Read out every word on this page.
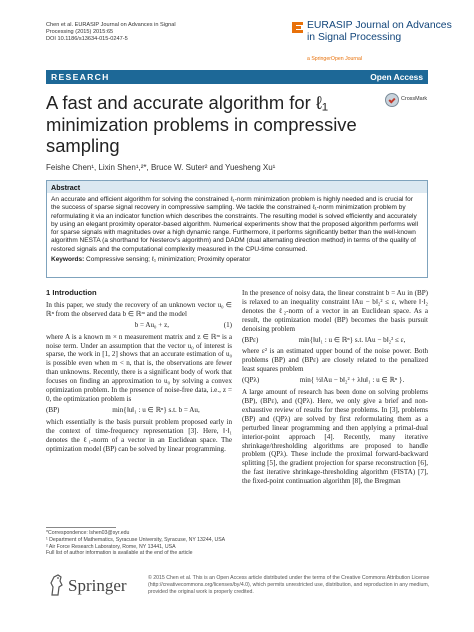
Chen et al. EURASIP Journal on Advances in Signal
Processing (2015) 2015:65
DOI 10.1186/s13634-015-0247-5
EURASIP Journal on Advances in Signal Processing
a SpringerOpen Journal
RESEARCH	Open Access
CrossMark
A fast and accurate algorithm for ℓ₁ minimization problems in compressive sampling
Feishe Chen¹, Lixin Shen¹,²*, Bruce W. Suter² and Yuesheng Xu¹
Abstract
An accurate and efficient algorithm for solving the constrained ℓ₁-norm minimization problem is highly needed and is crucial for the success of sparse signal recovery in compressive sampling. We tackle the constrained ℓ₁-norm minimization problem by reformulating it via an indicator function which describes the constraints. The resulting model is solved efficiently and accurately by using an elegant proximity operator-based algorithm. Numerical experiments show that the proposed algorithm performs well for sparse signals with magnitudes over a high dynamic range. Furthermore, it performs significantly better than the well-known algorithm NESTA (a shorthand for Nesterov's algorithm) and DADM (dual alternating direction method) in terms of the quality of restored signals and the computational complexity measured in the CPU-time consumed.
Keywords: Compressive sensing; ℓ₁ minimization; Proximity operator
1 Introduction

In this paper, we study the recovery of an unknown vector u₀ ∈ ℝⁿ from the observed data b ∈ ℝᵐ and the model

b = Au₀ + z,	(1)

where A is a known m × n measurement matrix and z ∈ ℝᵐ is a noise term. Under an assumption that the vector u₀ of interest is sparse, the work in [1, 2] shows that an accurate estimation of u₀ is possible even when m < n, that is, the observations are fewer than unknowns. Recently, there is a significant body of work that focuses on finding an approximation to u₀ by solving a convex optimization problem. In the presence of noise-free data, i.e., z = 0, the optimization problem is

(BP)	min{‖u‖₁ : u ∈ ℝⁿ} s.t. b = Au,

which essentially is the basis pursuit problem proposed early in the context of time-frequency representation [3]. Here, ‖·‖₁ denotes the ℓ₁-norm of a vector in an Euclidean space. The optimization model (BP) can be solved by linear programming.

*Correspondence: lshen03@syr.edu
¹ Department of Mathematics, Syracuse University, Syracuse, NY 13244, USA
² Air Force Research Laboratory, Rome, NY 13441, USA
Full list of author information is available at the end of the article

In the presence of noisy data, the linear constraint b = Au in (BP) is relaxed to an inequality constraint ‖Au − b‖₂² ≤ ε, where ‖·‖₂ denotes the ℓ₂-norm of a vector in an Euclidean space. As a result, the optimization model (BP) becomes the basis pursuit denoising problem

(BPε)	min{‖u‖₁ : u ∈ ℝⁿ} s.t. ‖Au − b‖₂² ≤ ε,

where ε² is an estimated upper bound of the noise power. Both problems (BP) and (BPε) are closely related to the penalized least squares problem

(QPλ)	min{ ½‖Au − b‖₂² + λ‖u‖₁ : u ∈ ℝⁿ }.

A large amount of research has been done on solving problems (BP), (BPε), and (QPλ). Here, we only give a brief and non-exhaustive review of results for these problems. In [3], problems (BP) and (QPλ) are solved by first reformulating them as a perturbed linear programming and then applying a primal-dual interior-point approach [4]. Recently, many iterative shrinkage/thresholding algorithms are proposed to handle problem (QPλ). These include the proximal forward-backward splitting [5], the gradient projection for sparse reconstruction [6], the fast iterative shrinkage-thresholding algorithm (FISTA) [7], the fixed-point continuation algorithm [8], the Bregman

Springer	© 2015 Chen et al. This is an Open Access article distributed under the terms of the Creative Commons Attribution License (http://creativecommons.org/licenses/by/4.0), which permits unrestricted use, distribution, and reproduction in any medium, provided the original work is properly credited.
